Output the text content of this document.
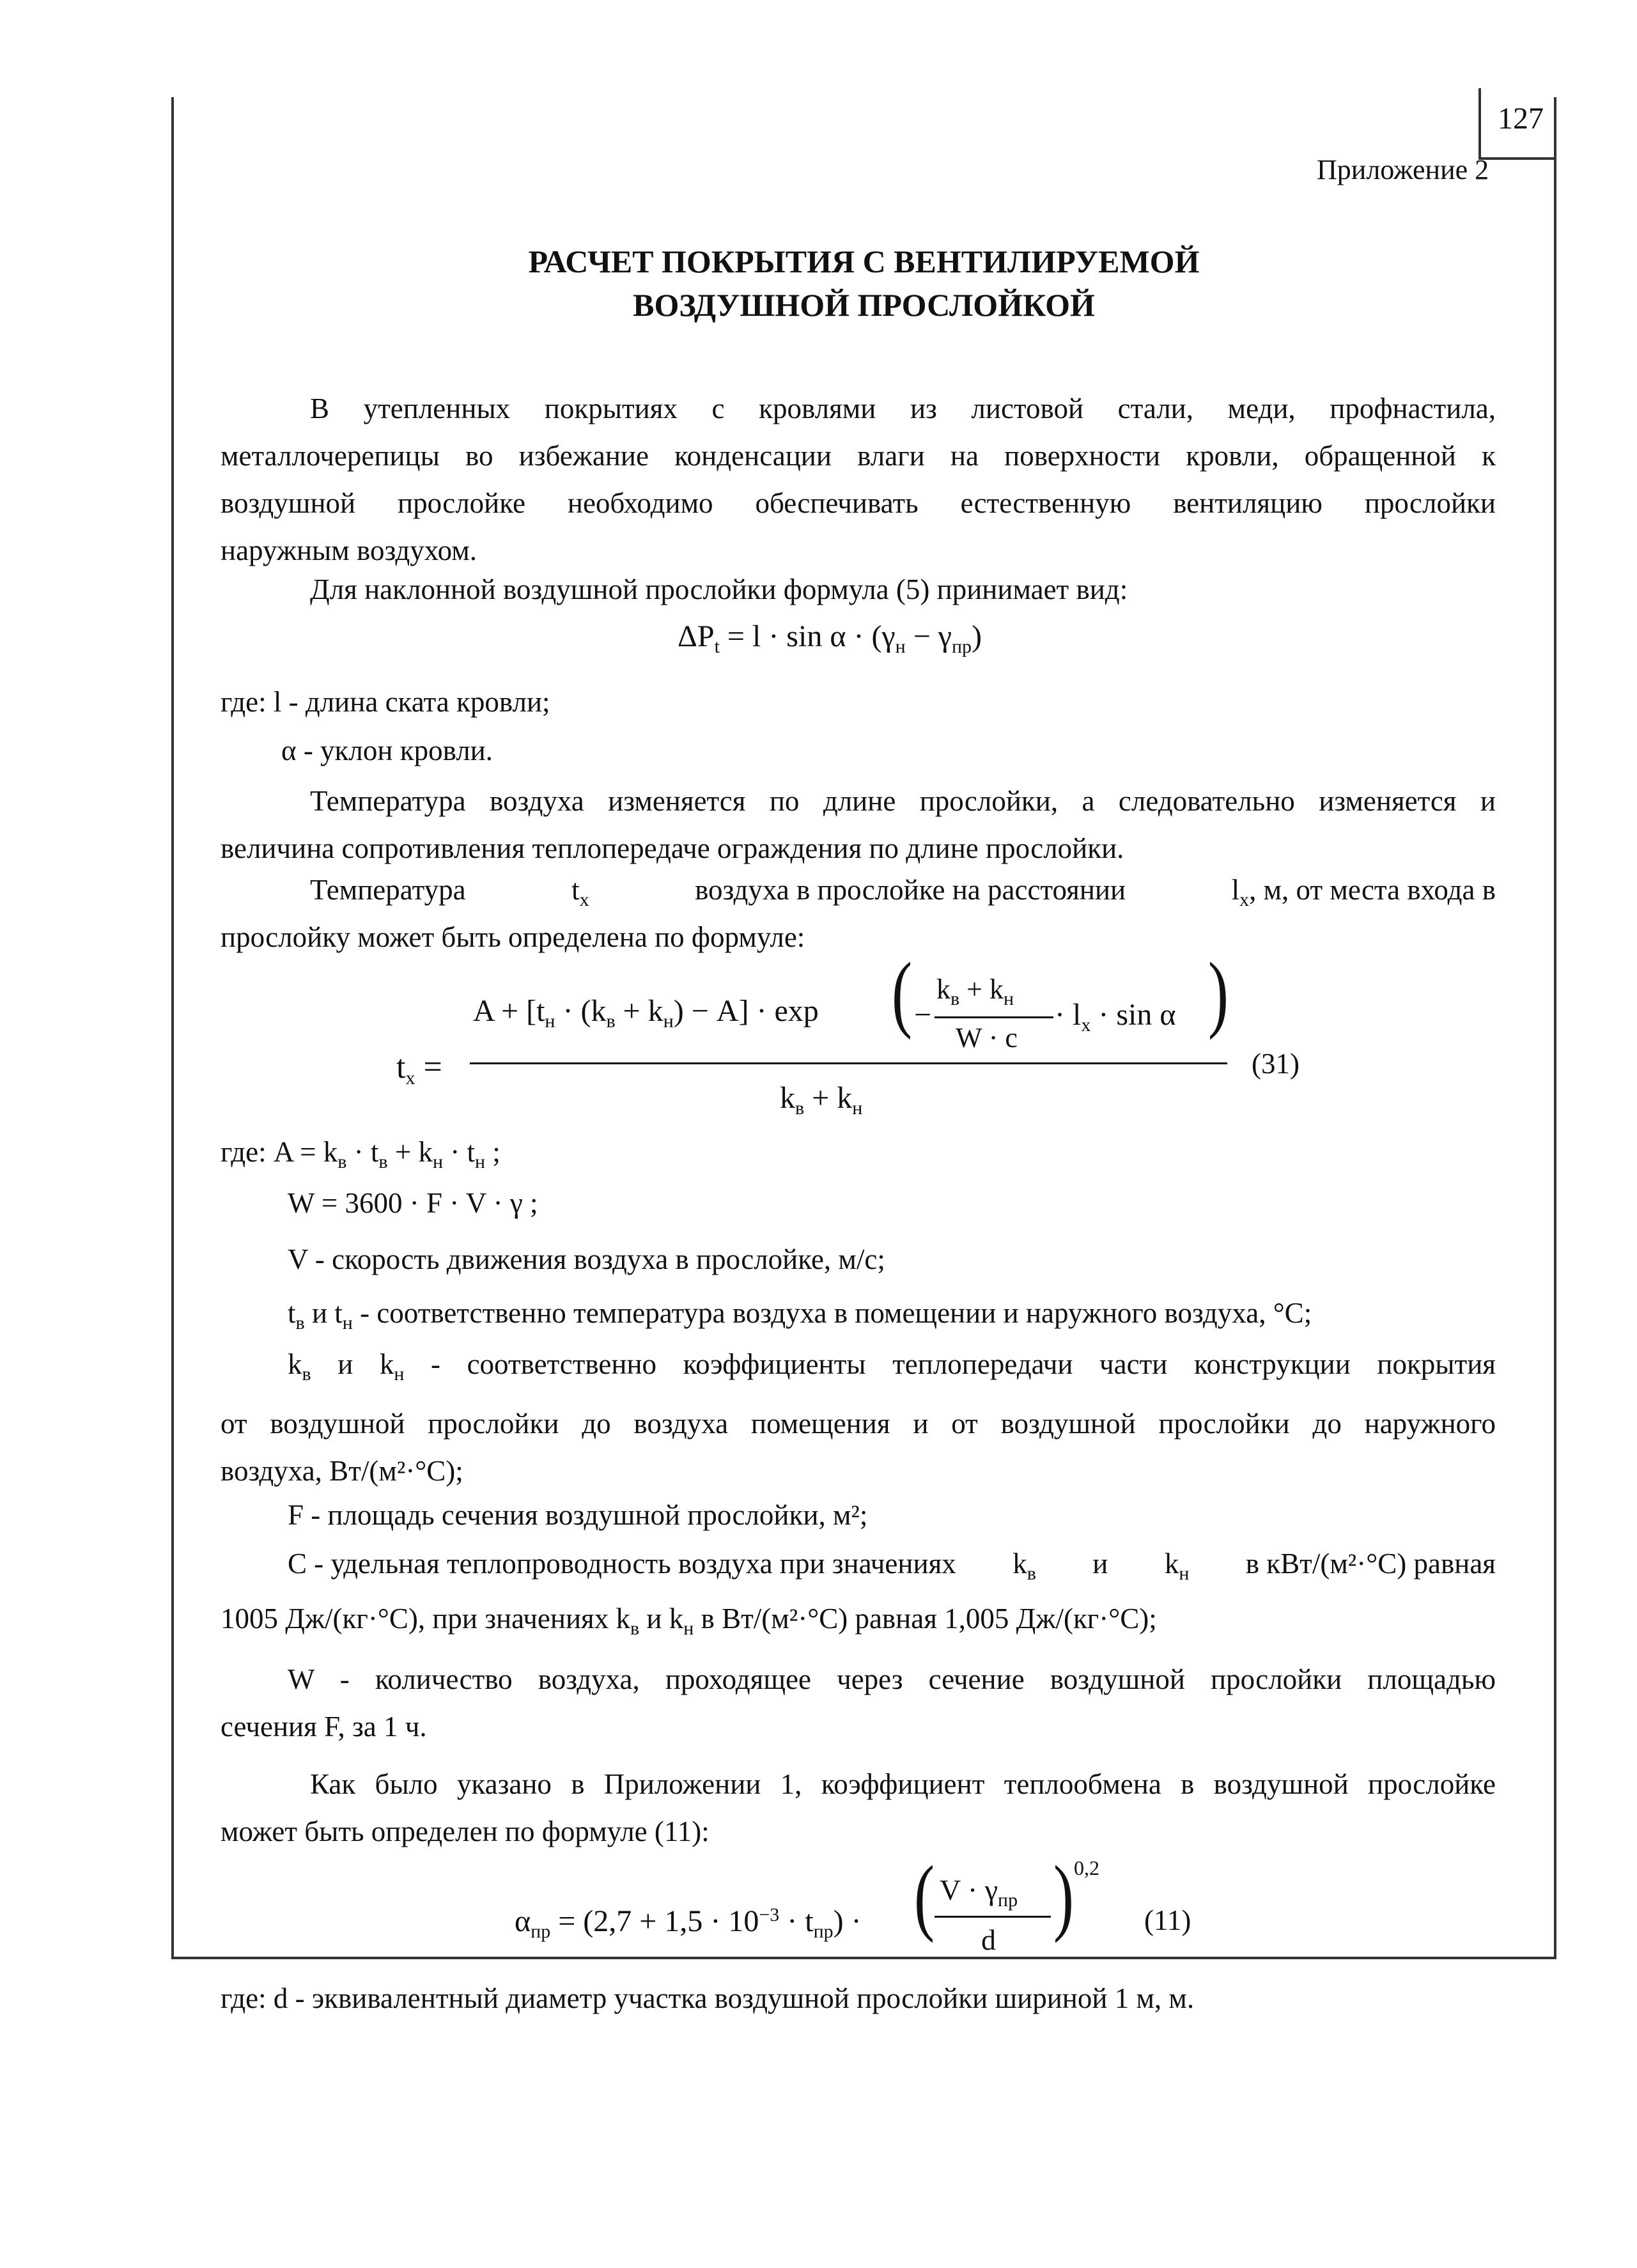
127
Приложение 2
РАСЧЕТ ПОКРЫТИЯ С ВЕНТИЛИРУЕМОЙ
ВОЗДУШНОЙ ПРОСЛОЙКОЙ
В утепленных покрытиях с кровлями из листовой стали, меди, профнастила,
металлочерепицы во избежание конденсации влаги на поверхности кровли, обращенной к
воздушной прослойке необходимо обеспечивать естественную вентиляцию прослойки
наружным воздухом.
Для наклонной воздушной прослойки формула (5) принимает вид:
$\Delta P_t = l \cdot \sin \alpha \cdot (\gamma_н - \gamma_{пр})$
где: l - длина ската кровли;
α - уклон кровли.
Температура воздуха изменяется по длине прослойки, а следовательно изменяется и
величина сопротивления теплопередаче ограждения по длине прослойки.
Температура	$t_x$	воздуха в прослойке на расстоянии	$l_x$, м, от места входа в
прослойку может быть определена по формуле:
$t_x$ =
$A + [t_н \cdot (k_в + k_н) - A] \cdot \exp$ ( −
$k_в + k_н$
W · c
· $l_x \cdot \sin \alpha$ )
$k_в + k_н$
(31)
где: $A = k_в \cdot t_в + k_н \cdot t_н$ ;
W = 3600 · F · V · γ ;
V - скорость движения воздуха в прослойке, м/с;
$t_в$ и $t_н$ - соответственно температура воздуха в помещении и наружного воздуха, °С;
$k_в$ и $k_н$ - соответственно коэффициенты теплопередачи части конструкции покрытия
от воздушной прослойки до воздуха помещения и от воздушной прослойки до наружного
воздуха, Вт/(м²·°С);
F - площадь сечения воздушной прослойки, м²;
С - удельная теплопроводность воздуха при значениях $k_в$ и $k_н$ в кВт/(м²·°С) равная
1005 Дж/(кг·°С), при значениях $k_в$ и $k_н$ в Вт/(м²·°С) равная 1,005 Дж/(кг·°С);
W - количество воздуха, проходящее через сечение воздушной прослойки площадью
сечения F, за 1 ч.
Как было указано в Приложении 1, коэффициент теплообмена в воздушной прослойке
может быть определен по формуле (11):
$\alpha_{пр} = (2,7 + 1,5 \cdot 10^{-3} \cdot t_{пр})$ · ( $V \cdot \gamma_{пр}$
d ) 0,2
(11)
где: d - эквивалентный диаметр участка воздушной прослойки шириной 1 м, м.
